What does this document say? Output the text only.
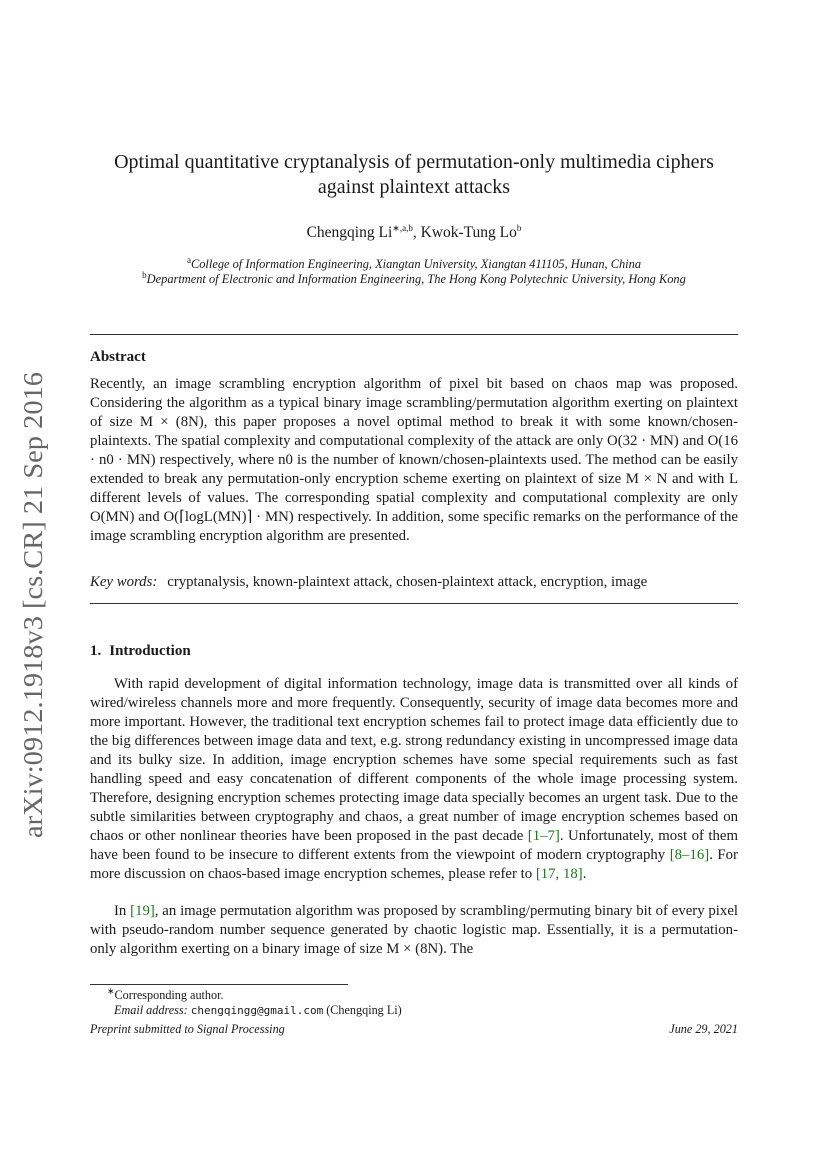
arXiv:0912.1918v3 [cs.CR] 21 Sep 2016
Optimal quantitative cryptanalysis of permutation-only multimedia ciphers
against plaintext attacks
Chengqing $Li^{∗,a,b}$, Kwok-Tung Lo$^b$
$^a$College of Information Engineering, Xiangtan University, Xiangtan 411105, Hunan, China
$^b$Department of Electronic and Information Engineering, The Hong Kong Polytechnic University, Hong Kong
Abstract
Recently, an image scrambling encryption algorithm of pixel bit based on chaos map was proposed. Considering the algorithm as a typical binary image scrambling/permutation algorithm exerting on plaintext of size M × (8N), this paper proposes a novel optimal method to break it with some known/chosen-plaintexts. The spatial complexity and computational complexity of the attack are only O(32 · MN) and O(16 · n0 · MN) respectively, where n0 is the number of known/chosen-plaintexts used. The method can be easily extended to break any permutation-only encryption scheme exerting on plaintext of size M × N and with L different levels of values. The corresponding spatial complexity and computational complexity are only O(MN) and O(⌈logL(MN)⌉ · MN) respectively. In addition, some specific remarks on the performance of the image scrambling encryption algorithm are presented.
Key words: cryptanalysis, known-plaintext attack, chosen-plaintext attack, encryption, image
1. Introduction
With rapid development of digital information technology, image data is transmitted over all kinds of wired/wireless channels more and more frequently. Consequently, security of image data becomes more and more important. However, the traditional text encryption schemes fail to protect image data efficiently due to the big differences between image data and text, e.g. strong redundancy existing in uncompressed image data and its bulky size. In addition, image encryption schemes have some special requirements such as fast handling speed and easy concatenation of different components of the whole image processing system. Therefore, designing encryption schemes protecting image data specially becomes an urgent task. Due to the subtle similarities between cryptography and chaos, a great number of image encryption schemes based on chaos or other nonlinear theories have been proposed in the past decade [1–7]. Unfortunately, most of them have been found to be insecure to different extents from the viewpoint of modern cryptography [8–16]. For more discussion on chaos-based image encryption schemes, please refer to [17, 18].
In [19], an image permutation algorithm was proposed by scrambling/permuting binary bit of every pixel with pseudo-random number sequence generated by chaotic logistic map. Essentially, it is a permutation-only algorithm exerting on a binary image of size M × (8N). The
∗Corresponding author.
Email address: chengqingg@gmail.com (Chengqing Li)
Preprint submitted to Signal Processing	June 29, 2021
